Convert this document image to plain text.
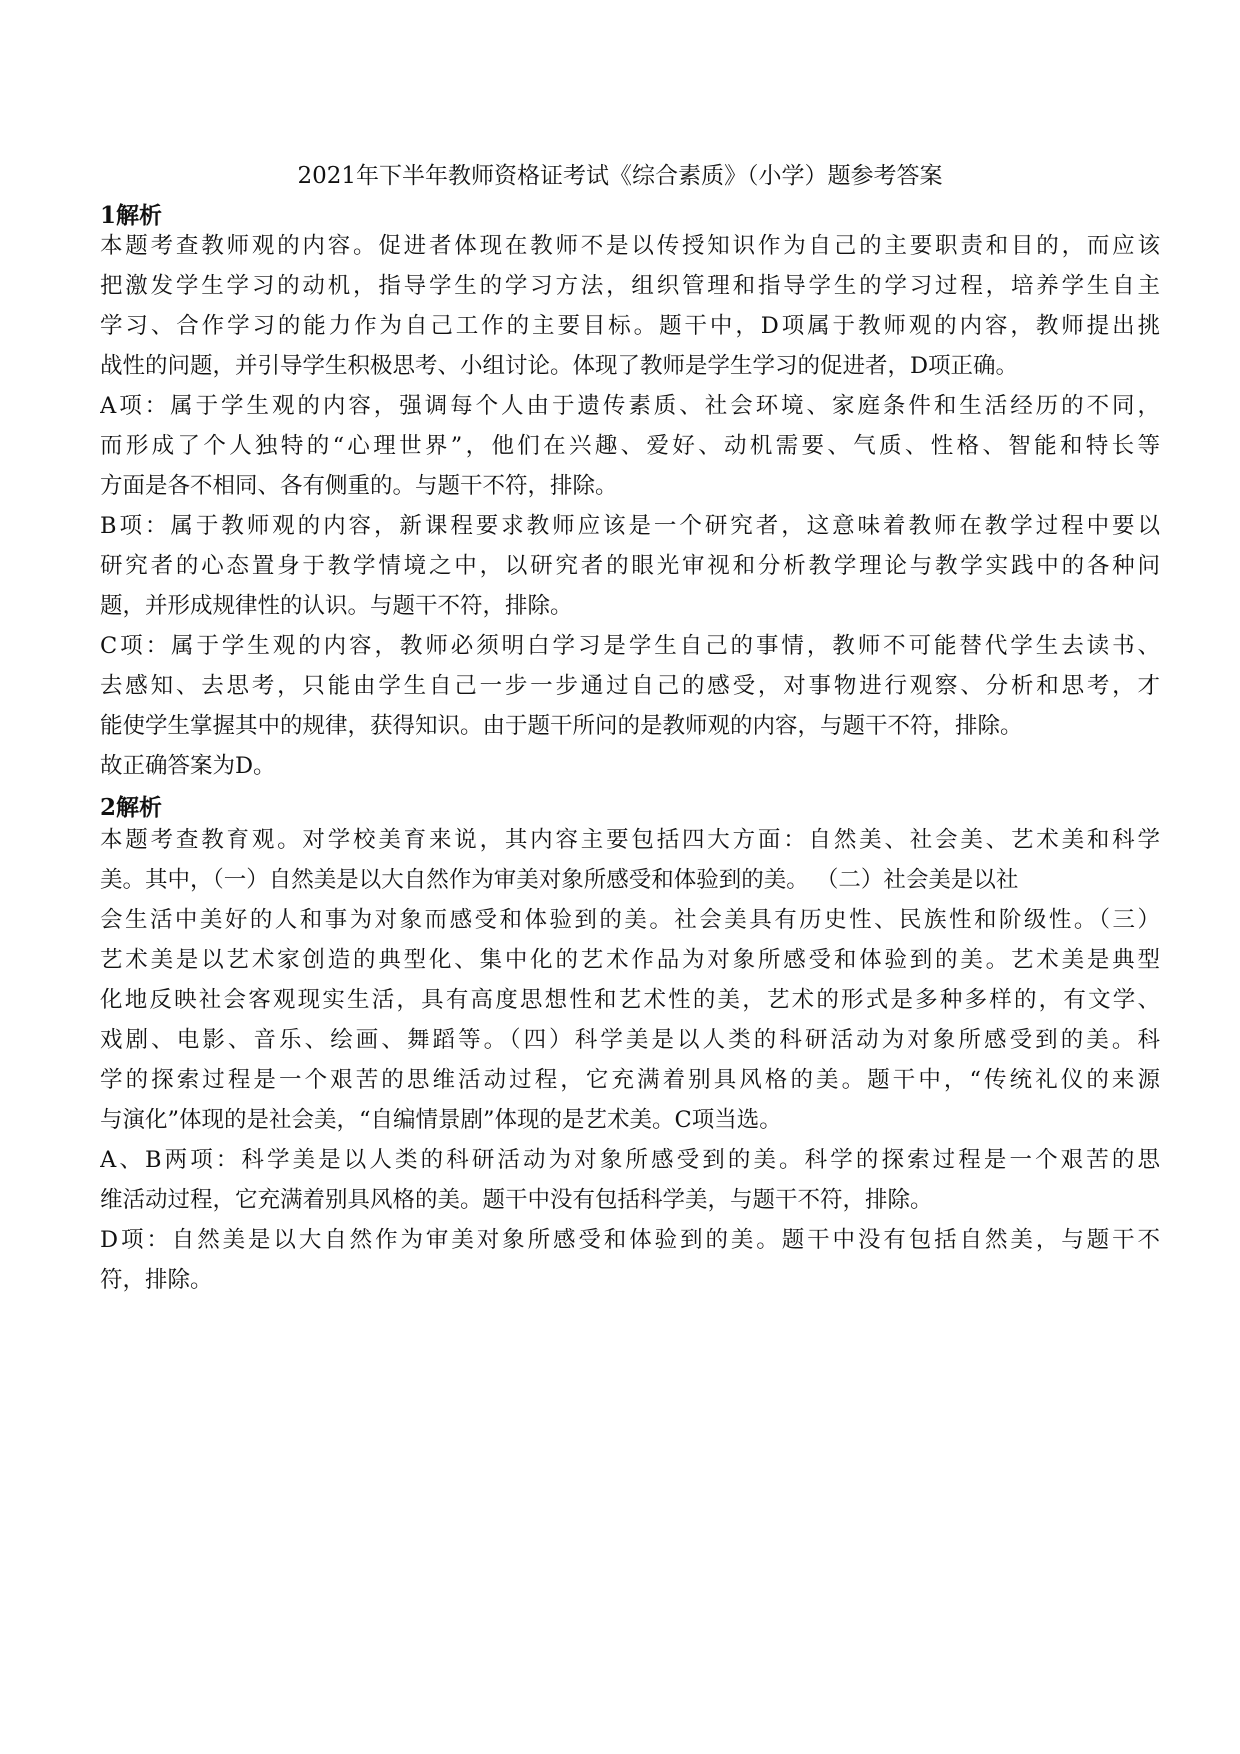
2021年下半年教师资格证考试《综合素质》（小学）题参考答案
1解析
本题考查教师观的内容。促进者体现在教师不是以传授知识作为自己的主要职责和目的，而应该
把激发学生学习的动机，指导学生的学习方法，组织管理和指导学生的学习过程，培养学生自主
学习、合作学习的能力作为自己工作的主要目标。题干中，D项属于教师观的内容，教师提出挑
战性的问题，并引导学生积极思考、小组讨论。体现了教师是学生学习的促进者，D项正确。
A项：属于学生观的内容，强调每个人由于遗传素质、社会环境、家庭条件和生活经历的不同，
而形成了个人独特的“心理世界”，他们在兴趣、爱好、动机需要、气质、性格、智能和特长等
方面是各不相同、各有侧重的。与题干不符，排除。
B项：属于教师观的内容，新课程要求教师应该是一个研究者，这意味着教师在教学过程中要以
研究者的心态置身于教学情境之中，以研究者的眼光审视和分析教学理论与教学实践中的各种问
题，并形成规律性的认识。与题干不符，排除。
C项：属于学生观的内容，教师必须明白学习是学生自己的事情，教师不可能替代学生去读书、
去感知、去思考，只能由学生自己一步一步通过自己的感受，对事物进行观察、分析和思考，才
能使学生掌握其中的规律，获得知识。由于题干所问的是教师观的内容，与题干不符，排除。
故正确答案为D。
2解析
本题考查教育观。对学校美育来说，其内容主要包括四大方面：自然美、社会美、艺术美和科学
美。其中，（一）自然美是以大自然作为审美对象所感受和体验到的美。 （二）社会美是以社
会生活中美好的人和事为对象而感受和体验到的美。社会美具有历史性、民族性和阶级性。（三）
艺术美是以艺术家创造的典型化、集中化的艺术作品为对象所感受和体验到的美。艺术美是典型
化地反映社会客观现实生活，具有高度思想性和艺术性的美，艺术的形式是多种多样的，有文学、
戏剧、电影、音乐、绘画、舞蹈等。（四）科学美是以人类的科研活动为对象所感受到的美。科
学的探索过程是一个艰苦的思维活动过程，它充满着别具风格的美。题干中，“传统礼仪的来源
与演化”体现的是社会美，“自编情景剧”体现的是艺术美。C项当选。
A、B两项：科学美是以人类的科研活动为对象所感受到的美。科学的探索过程是一个艰苦的思
维活动过程，它充满着别具风格的美。题干中没有包括科学美，与题干不符，排除。
D项：自然美是以大自然作为审美对象所感受和体验到的美。题干中没有包括自然美，与题干不
符，排除。
